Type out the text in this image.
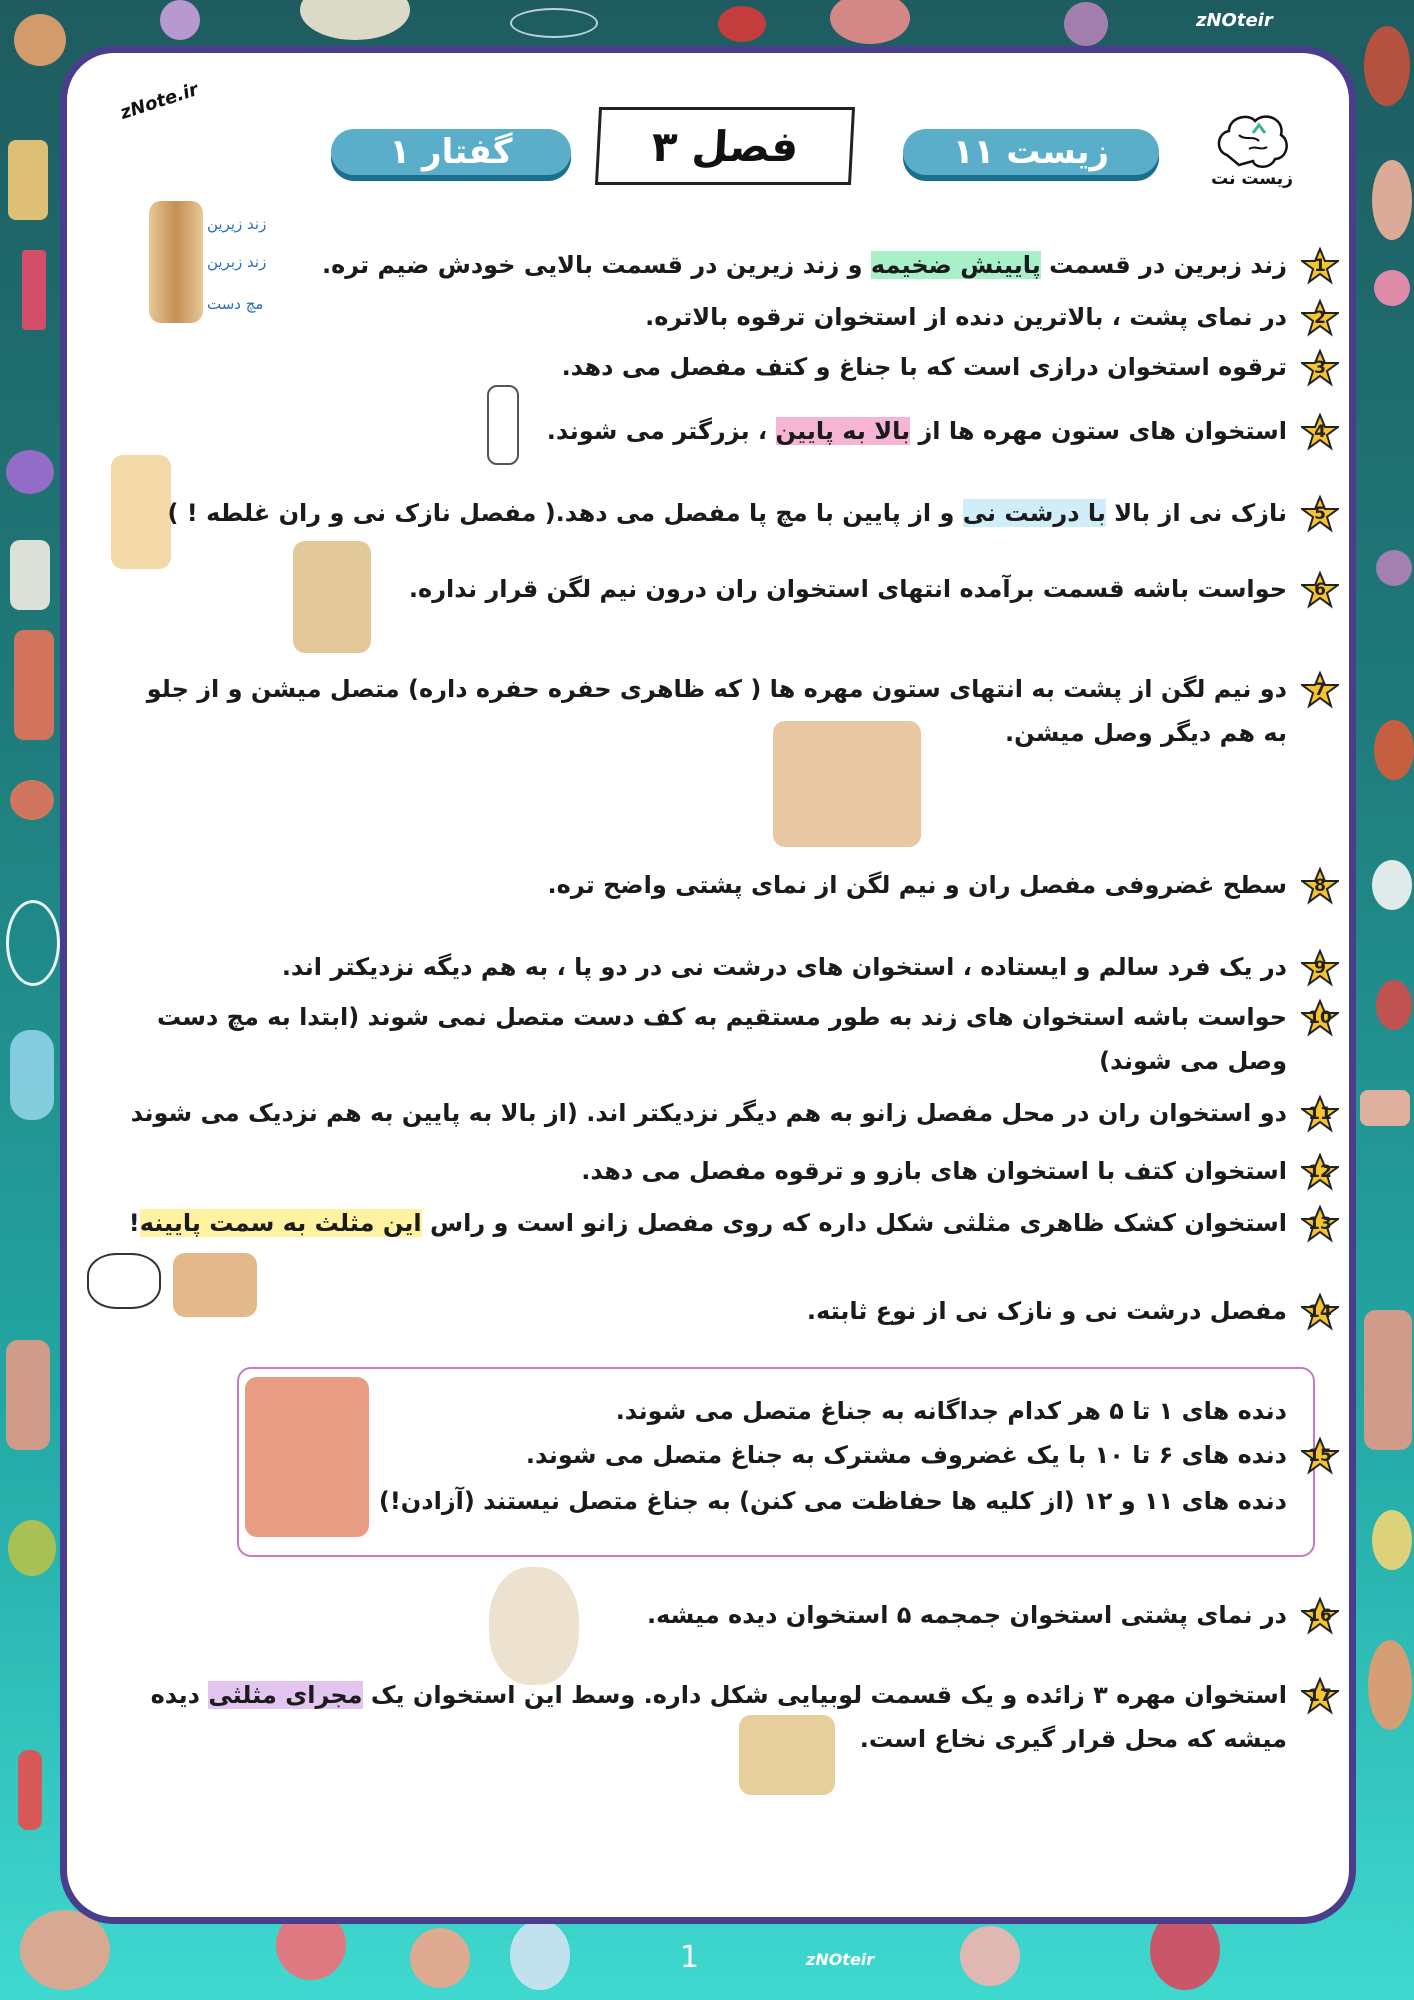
zNOteir
1	zNOteir
zNote.ir
گفتار ۱	فصل ۳	زیست ۱۱
زیست نت
زند زیرین
زند زبرین
مچ دست
زند زبرین در قسمت پایینش ضخیمه و زند زیرین در قسمت بالایی خودش ضیم تره.
در نمای پشت ، بالاترین دنده از استخوان ترقوه بالاتره.
ترقوه استخوان درازی است که با جناغ و کتف مفصل می دهد.
استخوان های ستون مهره ها از بالا به پایین ، بزرگتر می شوند.
نازک نی از بالا با درشت نی و از پایین با مچ پا مفصل می دهد.( مفصل نازک نی و ران غلطه ! )
حواست باشه قسمت برآمده انتهای استخوان ران درون نیم لگن قرار نداره.
دو نیم لگن از پشت به انتهای ستون مهره ها ( که ظاهری حفره حفره داره) متصل میشن و از جلو به هم دیگر وصل میشن.
سطح غضروفی مفصل ران و نیم لگن از نمای پشتی واضح تره.
در یک فرد سالم و ایستاده ، استخوان های درشت نی در دو پا ، به هم دیگه نزدیکتر اند.
حواست باشه استخوان های زند به طور مستقیم به کف دست متصل نمی شوند (ابتدا به مچ دست وصل می شوند)
دو استخوان ران در محل مفصل زانو به هم دیگر نزدیکتر اند. (از بالا به پایین به هم نزدیک می شوند
استخوان کتف با استخوان های بازو و ترقوه مفصل می دهد.
استخوان کشک ظاهری مثلثی شکل داره که روی مفصل زانو است و راس این مثلث به سمت پایینه!
مفصل درشت نی و نازک نی از نوع ثابته.
دنده های ۱ تا ۵ هر کدام جداگانه به جناغ متصل می شوند.
دنده های ۶ تا ۱۰ با یک غضروف مشترک به جناغ متصل می شوند.
دنده های ۱۱ و ۱۲ (از کلیه ها حفاظت می کنن) به جناغ متصل نیستند (آزادن!)
در نمای پشتی استخوان جمجمه ۵ استخوان دیده میشه.
استخوان مهره ۳ زائده و یک قسمت لوبیایی شکل داره. وسط این استخوان یک مجرای مثلثی دیده میشه که محل قرار گیری نخاع است.
1
2
3
4
5
6
7
8
9
10
11
12
13
14
15
16
17
